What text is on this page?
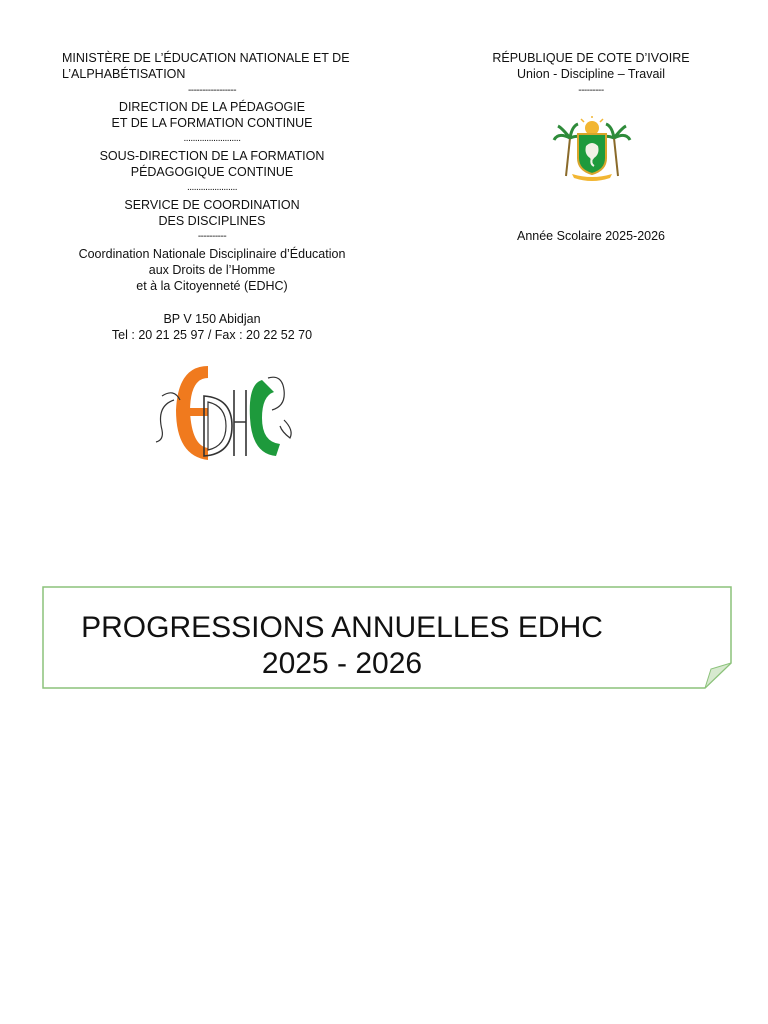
MINISTÈRE DE L’ÉDUCATION NATIONALE ET DE
L’ALPHABÉTISATION
-----------------
DIRECTION DE LA PÉDAGOGIE
ET DE LA FORMATION CONTINUE
.........................
SOUS-DIRECTION DE LA FORMATION
PÉDAGOGIQUE CONTINUE
......................
SERVICE DE COORDINATION
DES DISCIPLINES
----------
Coordination Nationale Disciplinaire d’Éducation
aux Droits de l’Homme
et à la Citoyenneté (EDHC)
BP V 150 Abidjan
Tel : 20 21 25 97 / Fax : 20 22 52 70
RÉPUBLIQUE DE COTE D’IVOIRE
Union - Discipline – Travail
---------
Année Scolaire 2025-2026
PROGRESSIONS ANNUELLES EDHC
2025 - 2026
